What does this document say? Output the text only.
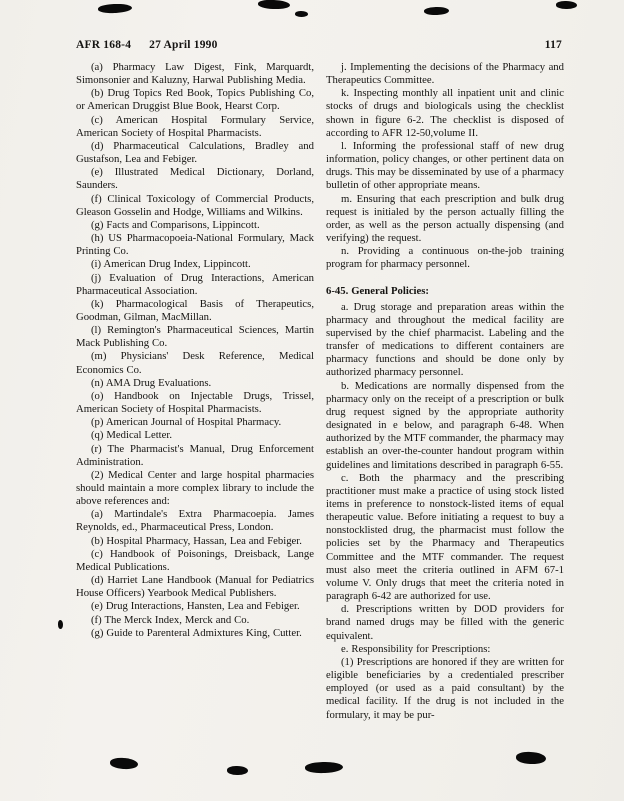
AFR 168-4 27 April 1990	117

(a) Pharmacy Law Digest, Fink, Marquardt, Simonsonier and Kaluzny, Harwal Publishing Media.

(b) Drug Topics Red Book, Topics Publishing Co, or American Druggist Blue Book, Hearst Corp.

(c) American Hospital Formulary Service, American Society of Hospital Pharmacists.

(d) Pharmaceutical Calculations, Bradley and Gustafson, Lea and Febiger.

(e) Illustrated Medical Dictionary, Dorland, Saunders.

(f) Clinical Toxicology of Commercial Products, Gleason Gosselin and Hodge, Williams and Wilkins.

(g) Facts and Comparisons, Lippincott.

(h) US Pharmacopoeia-National Formulary, Mack Printing Co.

(i) American Drug Index, Lippincott.

(j) Evaluation of Drug Interactions, American Pharmaceutical Association.

(k) Pharmacological Basis of Therapeutics, Goodman, Gilman, MacMillan.

(l) Remington's Pharmaceutical Sciences, Martin Mack Publishing Co.

(m) Physicians' Desk Reference, Medical Economics Co.

(n) AMA Drug Evaluations.

(o) Handbook on Injectable Drugs, Trissel, American Society of Hospital Pharmacists.

(p) American Journal of Hospital Pharmacy.

(q) Medical Letter.

(r) The Pharmacist's Manual, Drug Enforcement Administration.

(2) Medical Center and large hospital pharmacies should maintain a more complex library to include the above references and:

(a) Martindale's Extra Pharmacoepia. James Reynolds, ed., Pharmaceutical Press, London.

(b) Hospital Pharmacy, Hassan, Lea and Febiger.

(c) Handbook of Poisonings, Dreisback, Lange Medical Publications.

(d) Harriet Lane Handbook (Manual for Pediatrics House Officers) Yearbook Medical Publishers.

(e) Drug Interactions, Hansten, Lea and Febiger.

(f) The Merck Index, Merck and Co.

(g) Guide to Parenteral Admixtures King, Cutter.

j. Implementing the decisions of the Pharmacy and Therapeutics Committee.

k. Inspecting monthly all inpatient unit and clinic stocks of drugs and biologicals using the checklist shown in figure 6-2. The checklist is disposed of according to AFR 12-50,volume II.

l. Informing the professional staff of new drug information, policy changes, or other pertinent data on drugs. This may be disseminated by use of a pharmacy bulletin of other appropriate means.

m. Ensuring that each prescription and bulk drug request is initialed by the person actually filling the order, as well as the person actually dispensing (and verifying) the request.

n. Providing a continuous on-the-job training program for pharmacy personnel.

6-45. General Policies:

a. Drug storage and preparation areas within the pharmacy and throughout the medical facility are supervised by the chief pharmacist. Labeling and the transfer of medications to different containers are pharmacy functions and should be done only by authorized pharmacy personnel.

b. Medications are normally dispensed from the pharmacy only on the receipt of a prescription or bulk drug request signed by the appropriate authority designated in e below, and paragraph 6-48. When authorized by the MTF commander, the pharmacy may establish an over-the-counter handout program within guidelines and limitations described in paragraph 6-55.

c. Both the pharmacy and the prescribing practitioner must make a practice of using stock listed items in preference to nonstock-listed items of equal therapeutic value. Before initiating a request to buy a nonstocklisted drug, the pharmacist must follow the policies set by the Pharmacy and Therapeutics Committee and the MTF commander. The request must also meet the criteria outlined in AFM 67-1 volume V. Only drugs that meet the criteria noted in paragraph 6-42 are authorized for use.

d. Prescriptions written by DOD providers for brand named drugs may be filled with the generic equivalent.

e. Responsibility for Prescriptions:

(1) Prescriptions are honored if they are written for eligible beneficiaries by a credentialed prescriber employed (or used as a paid consultant) by the medical facility. If the drug is not included in the formulary, it may be pur-
